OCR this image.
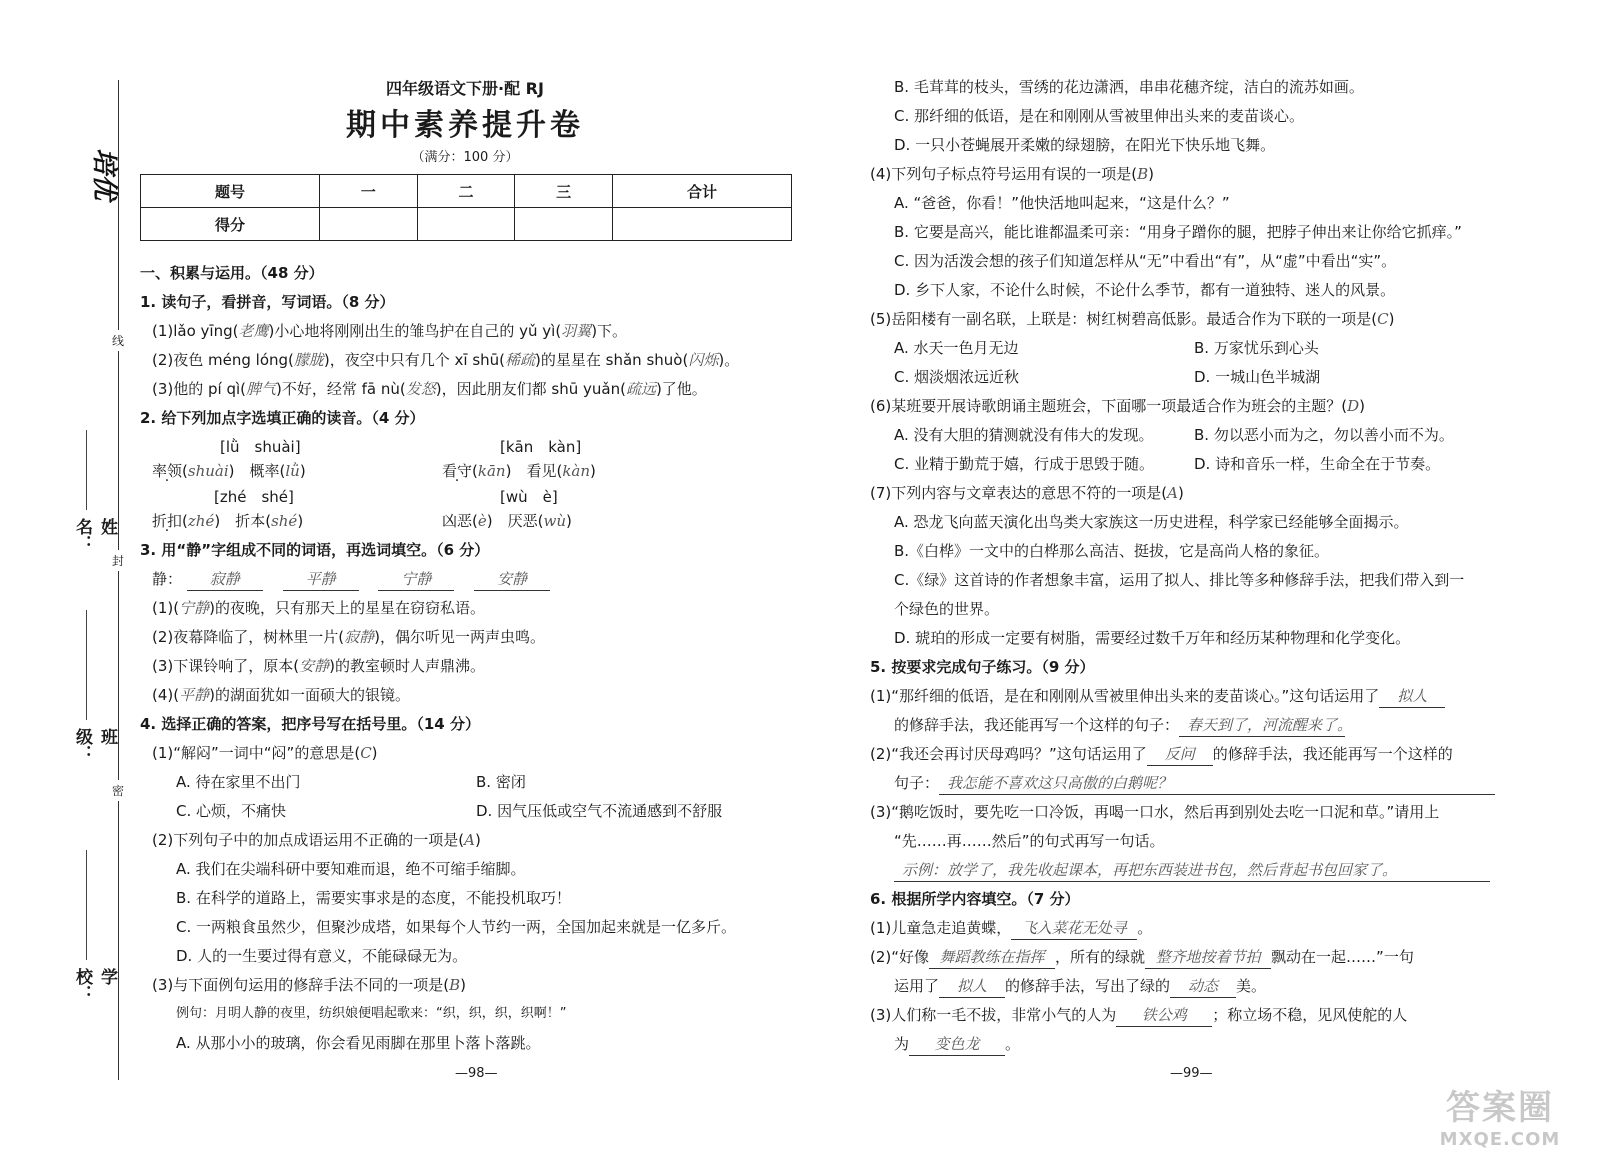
培优
线
封
密
姓名：
班级：
学校：
四年级语文下册·配 RJ
期中素养提升卷
（满分：100 分）
题号	一	二	三	合计
得分				
一、积累与运用。（48 分）
1. 读句子，看拼音，写词语。（8 分）
(1)lǎo yīng(老鹰)小心地将刚刚出生的雏鸟护在自己的 yǔ yì(羽翼)下。
(2)夜色 méng lóng(朦胧)，夜空中只有几个 xī shū(稀疏)的星星在 shǎn shuò(闪烁)。
(3)他的 pí qì(脾气)不好，经常 fā nù(发怒)，因此朋友们都 shū yuǎn(疏远)了他。
2. 给下列加点字选填正确的读音。（4 分）
[lǜ　shuài]	[kān　kàn]
率领(shuài)　概率(lǜ)	看守(kān)　看见(kàn)
[zhé　shé]	[wù　è]
折扣(zhé)　折本(shé)	凶恶(è)　厌恶(wù)
3. 用“静”字组成不同的词语，再选词填空。（6 分）
静： 寂静　	平静　	宁静　	安静
(1)(宁静)的夜晚，只有那天上的星星在窃窃私语。
(2)夜幕降临了，树林里一片(寂静)，偶尔听见一两声虫鸣。
(3)下课铃响了，原本(安静)的教室顿时人声鼎沸。
(4)(平静)的湖面犹如一面硕大的银镜。
4. 选择正确的答案，把序号写在括号里。（14 分）
(1)“解闷”一词中“闷”的意思是(C)
A. 待在家里不出门	B. 密闭
C. 心烦，不痛快	D. 因气压低或空气不流通感到不舒服
(2)下列句子中的加点成语运用不正确的一项是(A)
A. 我们在尖端科研中要知难而退，绝不可缩手缩脚。
B. 在科学的道路上，需要实事求是的态度，不能投机取巧！
C. 一两粮食虽然少，但聚沙成塔，如果每个人节约一两，全国加起来就是一亿多斤。
D. 人的一生要过得有意义，不能碌碌无为。
(3)与下面例句运用的修辞手法不同的一项是(B)
例句：月明人静的夜里，纺织娘便唱起歌来：“织，织，织，织啊！”
A. 从那小小的玻璃，你会看见雨脚在那里卜落卜落跳。
—98—
B. 毛茸茸的枝头，雪绣的花边潇洒，串串花穗齐绽，洁白的流苏如画。
C. 那纤细的低语，是在和刚刚从雪被里伸出头来的麦苗谈心。
D. 一只小苍蝇展开柔嫩的绿翅膀，在阳光下快乐地飞舞。
(4)下列句子标点符号运用有误的一项是(B)
A. “爸爸，你看！”他快活地叫起来，“这是什么？”
B. 它要是高兴，能比谁都温柔可亲：“用身子蹭你的腿，把脖子伸出来让你给它抓痒。”
C. 因为活泼会想的孩子们知道怎样从“无”中看出“有”，从“虚”中看出“实”。
D. 乡下人家，不论什么时候，不论什么季节，都有一道独特、迷人的风景。
(5)岳阳楼有一副名联，上联是：树红树碧高低影。最适合作为下联的一项是(C)
A. 水天一色月无边	B. 万家忧乐到心头
C. 烟淡烟浓远近秋	D. 一城山色半城湖
(6)某班要开展诗歌朗诵主题班会，下面哪一项最适合作为班会的主题？(D)
A. 没有大胆的猜测就没有伟大的发现。	B. 勿以恶小而为之，勿以善小而不为。
C. 业精于勤荒于嬉，行成于思毁于随。	D. 诗和音乐一样，生命全在于节奏。
(7)下列内容与文章表达的意思不符的一项是(A)
A. 恐龙飞向蓝天演化出鸟类大家族这一历史进程，科学家已经能够全面揭示。
B.《白桦》一文中的白桦那么高洁、挺拔，它是高尚人格的象征。
C.《绿》这首诗的作者想象丰富，运用了拟人、排比等多种修辞手法，把我们带入到一
个绿色的世界。
D. 琥珀的形成一定要有树脂，需要经过数千万年和经历某种物理和化学变化。
5. 按要求完成句子练习。（9 分）
(1)“那纤细的低语，是在和刚刚从雪被里伸出头来的麦苗谈心。”这句话运用了 拟人
的修辞手法，我还能再写一个这样的句子： 春天到了，河流醒来了。
(2)“我还会再讨厌母鸡吗？”这句话运用了 反问 的修辞手法，我还能再写一个这样的
句子： 我怎能不喜欢这只高傲的白鹅呢？
(3)“鹅吃饭时，要先吃一口冷饭，再喝一口水，然后再到别处去吃一口泥和草。”请用上
“先……再……然后”的句式再写一句话。
示例：放学了，我先收起课本，再把东西装进书包，然后背起书包回家了。
6. 根据所学内容填空。（7 分）
(1)儿童急走追黄蝶， 飞入菜花无处寻 。
(2)“好像 舞蹈教练在指挥 ，所有的绿就 整齐地按着节拍 飘动在一起……”一句
运用了 拟人 的修辞手法，写出了绿的 动态 美。
(3)人们称一毛不拔，非常小气的人为 铁公鸡 ；称立场不稳，见风使舵的人
为 变色龙 。
—99—
答案圈
MXQE.COM
